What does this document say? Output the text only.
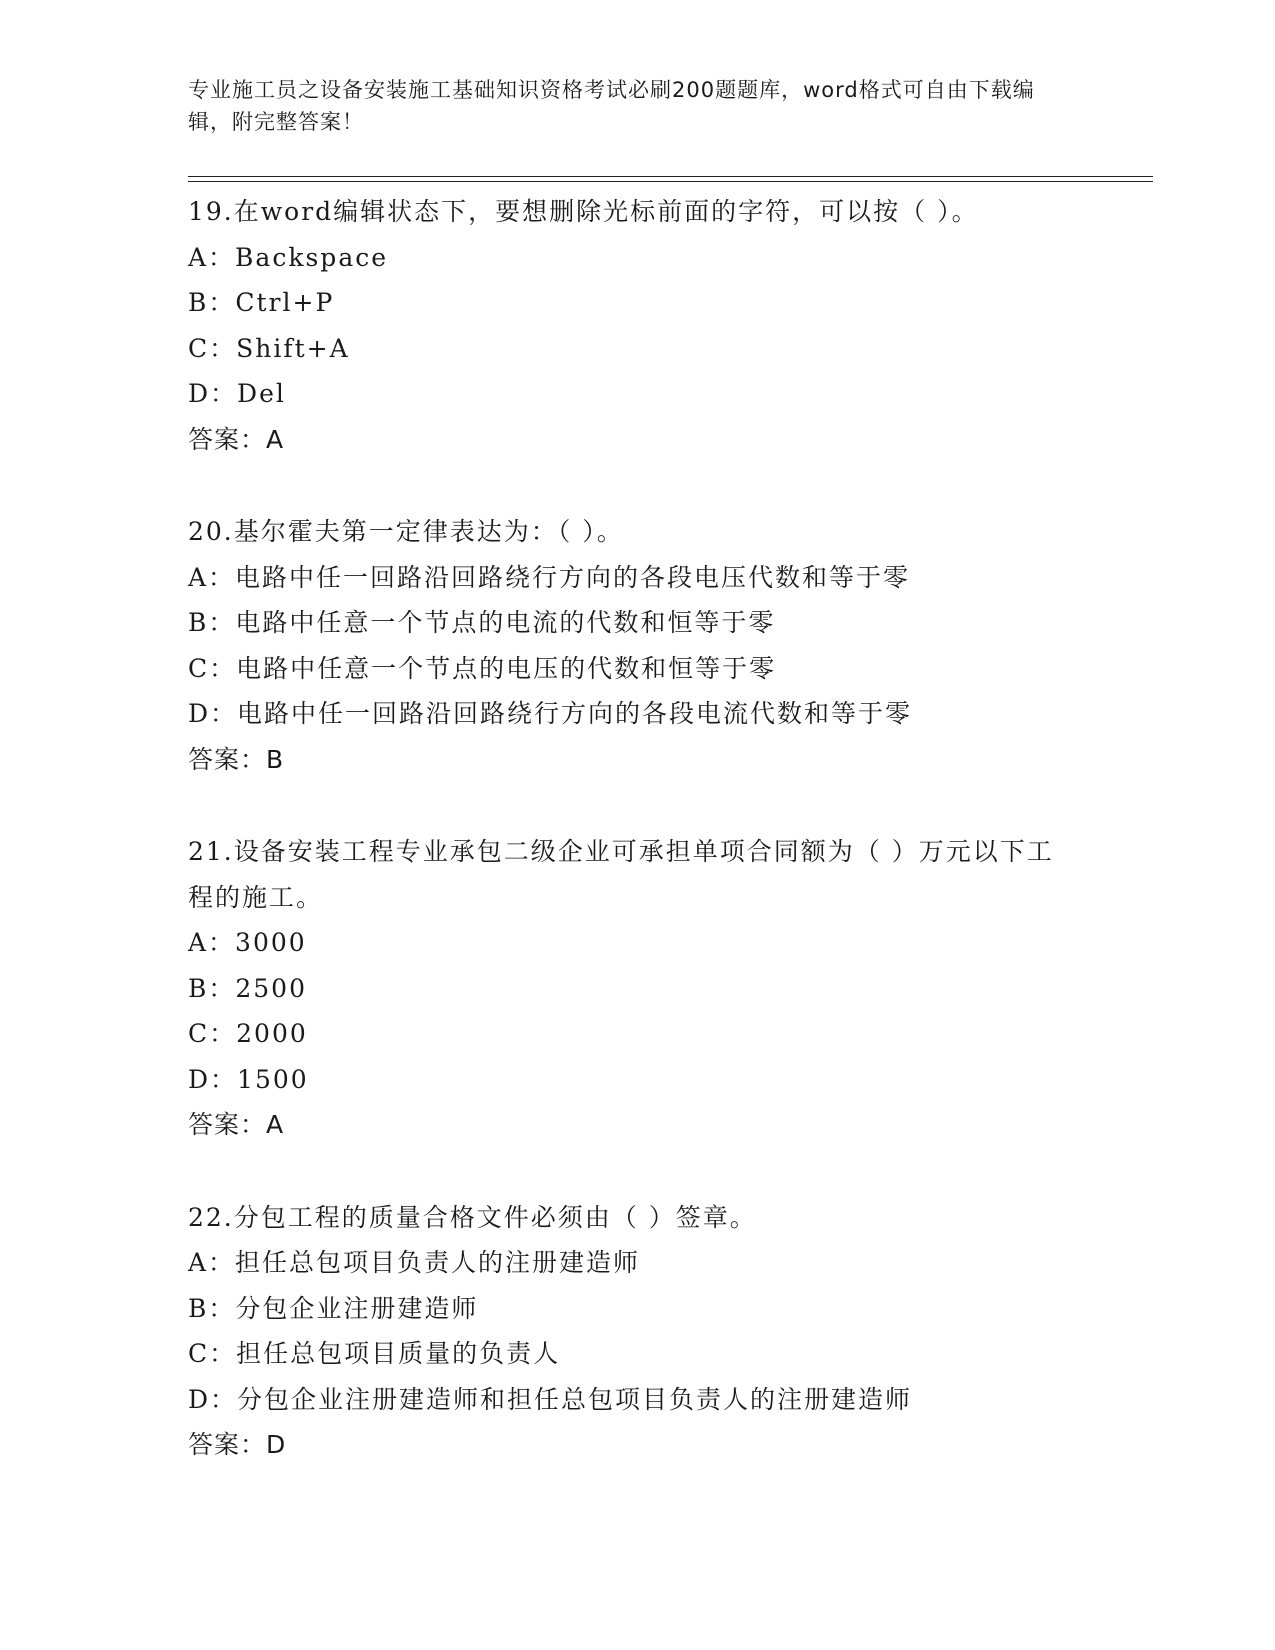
专业施工员之设备安装施工基础知识资格考试必刷200题题库，word格式可自由下载编辑，附完整答案！
19.在word编辑状态下，要想删除光标前面的字符，可以按（ ）。
A：Backspace
B：Ctrl+P
C：Shift+A
D：Del
答案：A
20.基尔霍夫第一定律表达为：（ ）。
A：电路中任一回路沿回路绕行方向的各段电压代数和等于零
B：电路中任意一个节点的电流的代数和恒等于零
C：电路中任意一个节点的电压的代数和恒等于零
D：电路中任一回路沿回路绕行方向的各段电流代数和等于零
答案：B
21.设备安装工程专业承包二级企业可承担单项合同额为（ ）万元以下工程的施工。
A：3000
B：2500
C：2000
D：1500
答案：A
22.分包工程的质量合格文件必须由（ ）签章。
A：担任总包项目负责人的注册建造师
B：分包企业注册建造师
C：担任总包项目质量的负责人
D：分包企业注册建造师和担任总包项目负责人的注册建造师
答案：D
